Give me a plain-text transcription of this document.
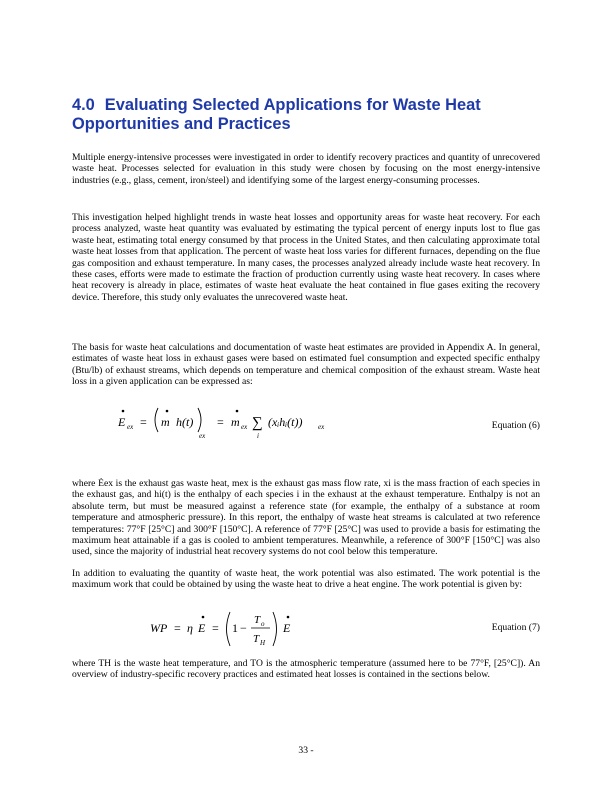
4.0 Evaluating Selected Applications for Waste Heat Opportunities and Practices
Multiple energy-intensive processes were investigated in order to identify recovery practices and quantity of unrecovered waste heat. Processes selected for evaluation in this study were chosen by focusing on the most energy-intensive industries (e.g., glass, cement, iron/steel) and identifying some of the largest energy-consuming processes.
This investigation helped highlight trends in waste heat losses and opportunity areas for waste heat recovery. For each process analyzed, waste heat quantity was evaluated by estimating the typical percent of energy inputs lost to flue gas waste heat, estimating total energy consumed by that process in the United States, and then calculating approximate total waste heat losses from that application. The percent of waste heat loss varies for different furnaces, depending on the flue gas composition and exhaust temperature. In many cases, the processes analyzed already include waste heat recovery. In these cases, efforts were made to estimate the fraction of production currently using waste heat recovery. In cases where heat recovery is already in place, estimates of waste heat evaluate the heat contained in flue gases exiting the recovery device. Therefore, this study only evaluates the unrecovered waste heat.
The basis for waste heat calculations and documentation of waste heat estimates are provided in Appendix A. In general, estimates of waste heat loss in exhaust gases were based on estimated fuel consumption and expected specific enthalpy (Btu/lb) of exhaust streams, which depends on temperature and chemical composition of the exhaust stream. Waste heat loss in a given application can be expressed as:
E ex = m h(t)
ex
= m ex ∑
i
(xᵢhᵢ(t)) ex	Equation (6)
where Ėex is the exhaust gas waste heat, mex is the exhaust gas mass flow rate, xi is the mass fraction of each species in the exhaust gas, and hi(t) is the enthalpy of each species i in the exhaust at the exhaust temperature. Enthalpy is not an absolute term, but must be measured against a reference state (for example, the enthalpy of a substance at room temperature and atmospheric pressure). In this report, the enthalpy of waste heat streams is calculated at two reference temperatures: 77°F [25°C] and 300°F [150°C]. A reference of 77°F [25°C] was used to provide a basis for estimating the maximum heat attainable if a gas is cooled to ambient temperatures. Meanwhile, a reference of 300°F [150°C] was also used, since the majority of industrial heat recovery systems do not cool below this temperature.
In addition to evaluating the quantity of waste heat, the work potential was also estimated. The work potential is the maximum work that could be obtained by using the waste heat to drive a heat engine. The work potential is given by:
WP = η E = 1 −
T o
T H
E	Equation (7)
where TH is the waste heat temperature, and TO is the atmospheric temperature (assumed here to be 77°F, [25°C]). An overview of industry-specific recovery practices and estimated heat losses is contained in the sections below.
33 -
